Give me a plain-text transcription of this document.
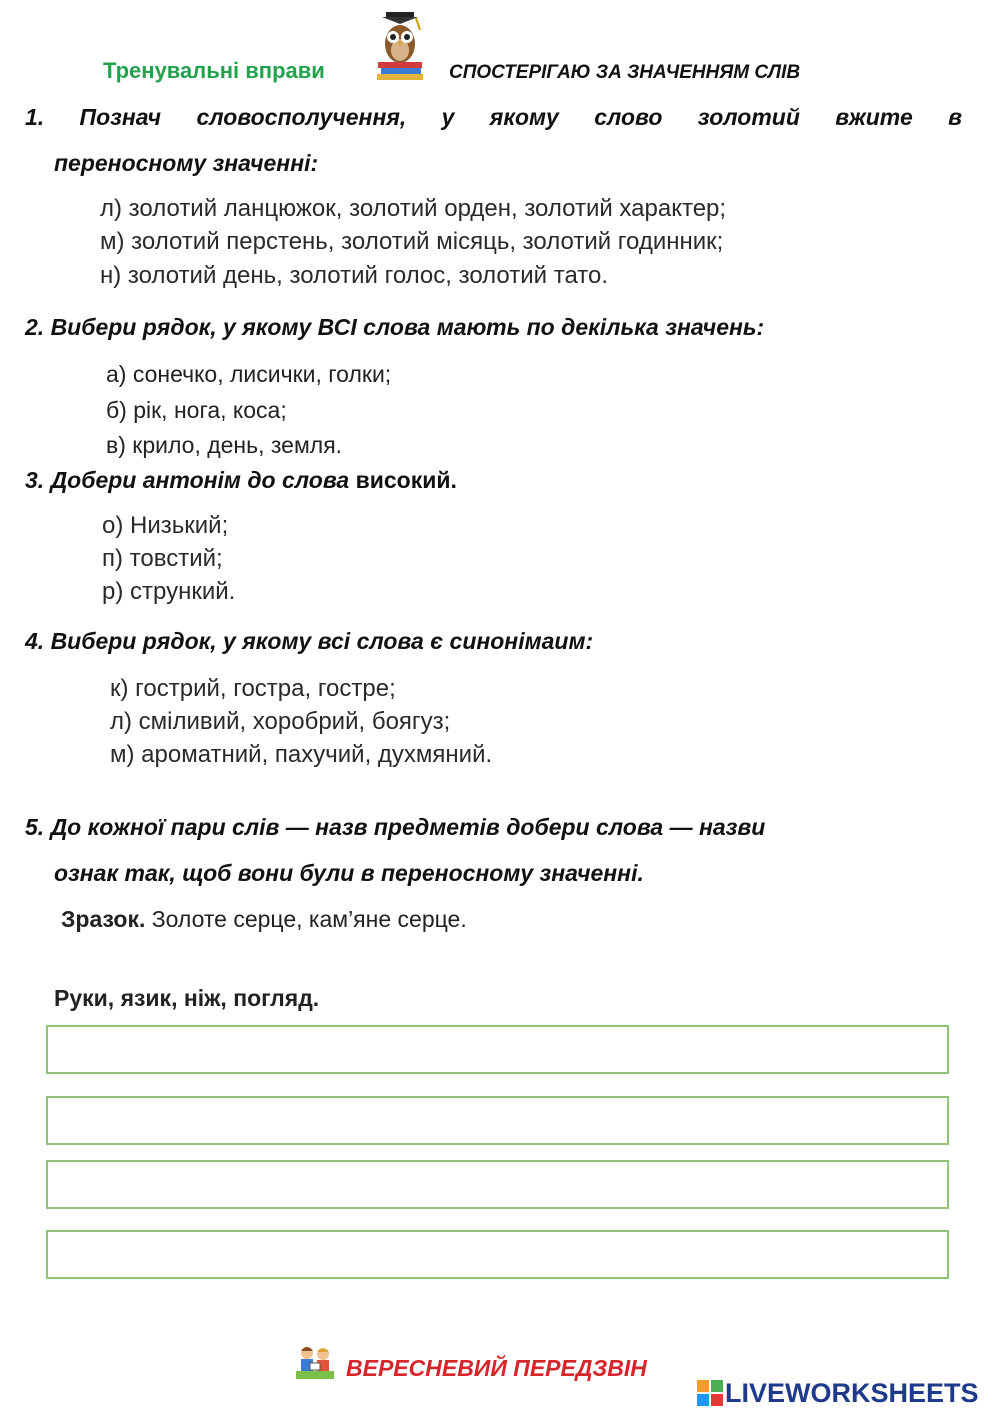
Тренувальні вправи	СПОСТЕРІГАЮ ЗА ЗНАЧЕННЯМ СЛІВ
1. Познач словосполучення, у якому слово золотий вжите в
переносному значенні:
л) золотий ланцюжок, золотий орден, золотий характер;
м) золотий перстень, золотий місяць, золотий годинник;
н) золотий день, золотий голос, золотий тато.
2. Вибери рядок, у якому ВСІ слова мають по декілька значень:
а) сонечко, лисички, голки;
б) рік, нога, коса;
в) крило, день, земля.
3. Добери антонім до слова високий.
о) Низький;
п) товстий;
р) стрункий.
4. Вибери рядок, у якому всі слова є синонімаим:
к) гострий, гостра, гостре;
л) сміливий, хоробрий, боягуз;
м) ароматний, пахучий, духмяний.
5. До кожної пари слів — назв предметів добери слова — назви
ознак так, щоб вони були в переносному значенні.
Зразок. Золоте серце, кам’яне серце.
Руки, язик, ніж, погляд.
ВЕРЕСНЕВИЙ ПЕРЕДЗВІН
LIVEWORKSHEETS
